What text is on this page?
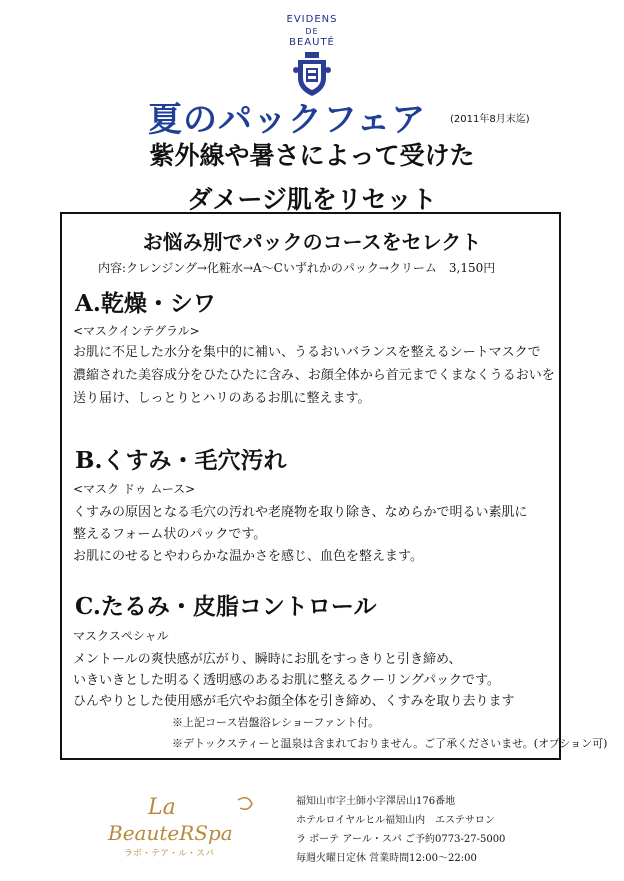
EVIDENS
DE
BEAUTÉ
夏のパックフェア (2011年8月末迄)
紫外線や暑さによって受けた
ダメージ肌をリセット
お悩み別でパックのコースをセレクト
内容:クレンジング→化粧水→A～Cいずれかのパック→クリーム　3,150円
A.乾燥・シワ
<マスクインテグラル>
お肌に不足した水分を集中的に補い、うるおいバランスを整えるシートマスクで
濃縮された美容成分をひたひたに含み、お顔全体から首元までくまなくうるおいを
送り届け、しっとりとハリのあるお肌に整えます。
B.くすみ・毛穴汚れ
<マスク ドゥ ムース>
くすみの原因となる毛穴の汚れや老廃物を取り除き、なめらかで明るい素肌に
整えるフォーム状のパックです。
お肌にのせるとやわらかな温かさを感じ、血色を整えます。
C.たるみ・皮脂コントロール
マスクスペシャル
メントールの爽快感が広がり、瞬時にお肌をすっきりと引き締め、
いきいきとした明るく透明感のあるお肌に整えるクーリングパックです。
ひんやりとした使用感が毛穴やお顔全体を引き締め、くすみを取り去ります
※上記コース岩盤浴レショーファント付。
※デトックスティーと温泉は含まれておりません。ご了承くださいませ。(オプション可)
La
BeauteRSpa
ラボ・テア・ル・スパ
福知山市字土師小字澤居山176番地
ホテルロイヤルヒル福知山内　エステサロン
ラ ボーテ アール・スパ ご予約0773-27-5000
毎週火曜日定休 営業時間12:00～22:00
